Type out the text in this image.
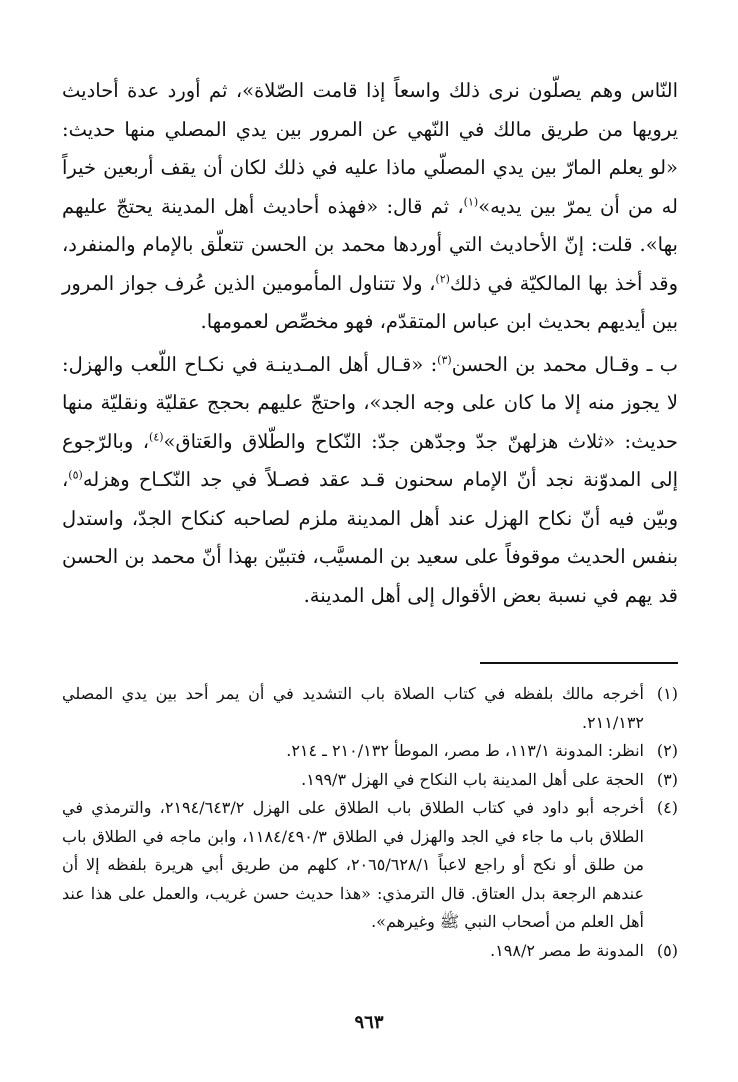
النّاس وهم يصلّون نرى ذلك واسعاً إذا قامت الصّلاة»، ثم أورد عدة أحاديث يرويها من طريق مالك في النّهي عن المرور بين يدي المصلي منها حديث: «لو يعلم المارّ بين يدي المصلّي ماذا عليه في ذلك لكان أن يقف أربعين خيراً له من أن يمرّ بين يديه»$^{(١)}$، ثم قال: «فهذه أحاديث أهل المدينة يحتجّ عليهم بها». قلت: إنّ الأحاديث التي أوردها محمد بن الحسن تتعلّق بالإمام والمنفرد، وقد أخذ بها المالكيّة في ذلك$^{(٢)}$، ولا تتناول المأمومين الذين عُرف جواز المرور بين أيديهم بحديث ابن عباس المتقدّم، فهو مخصِّص لعمومها.

ب ـ وقـال محمد بن الحسن$^{(٣)}$: «قـال أهل المـدينـة في نكـاح اللّعب والهزل: لا يجوز منه إلا ما كان على وجه الجد»، واحتجّ عليهم بحجج عقليّة ونقليّة منها حديث: «ثلاث هزلهنّ جدّ وجدّهن جدّ: النّكاح والطّلاق والعَتاق»$^{(٤)}$، وبالرّجوع إلى المدوّنة نجد أنّ الإمام سحنون قـد عقد فصـلاً في جد النّكـاح وهزله$^{(٥)}$، وبيّن فيه أنّ نكاح الهزل عند أهل المدينة ملزم لصاحبه كنكاح الجدّ، واستدل بنفس الحديث موقوفاً على سعيد بن المسيَّب، فتبيّن بهذا أنّ محمد بن الحسن قد يهم في نسبة بعض الأقوال إلى أهل المدينة.

(١)
أخرجه مالك بلفظه في كتاب الصلاة باب التشديد في أن يمر أحد بين يدي المصلي ٢١١/١٣٢.
(٢)
انظر: المدونة ١١٣/١، ط مصر، الموطأ ٢١٠/١٣٢ ـ ٢١٤.
(٣)
الحجة على أهل المدينة باب النكاح في الهزل ١٩٩/٣.
(٤)
أخرجه أبو داود في كتاب الطلاق باب الطلاق على الهزل ٢١٩٤/٦٤٣/٢، والترمذي في الطلاق باب ما جاء في الجد والهزل في الطلاق ١١٨٤/٤٩٠/٣، وابن ماجه في الطلاق باب من طلق أو نكح أو راجع لاعباً ٢٠٦٥/٦٢٨/١، كلهم من طريق أبي هريرة بلفظه إلا أن عندهم الرجعة بدل العتاق. قال الترمذي: «هذا حديث حسن غريب، والعمل على هذا عند أهل العلم من أصحاب النبي ﷺ وغيرهم».
(٥)
المدونة ط مصر ١٩٨/٢.
٩٦٣
